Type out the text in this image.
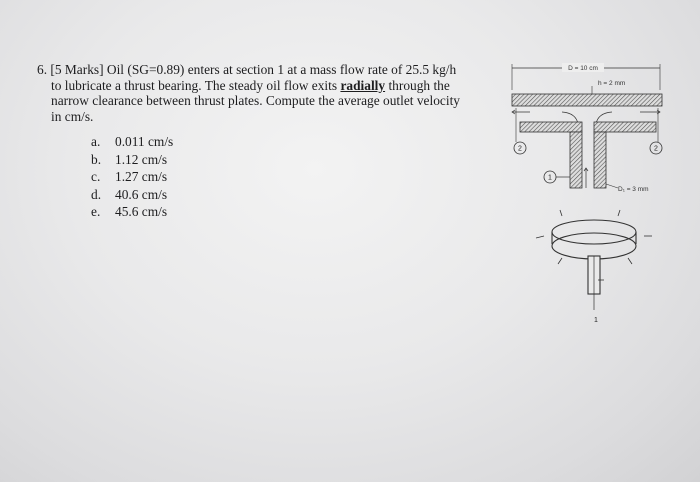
6. [5 Marks] Oil (SG=0.89) enters at section 1 at a mass flow rate of 25.5 kg/h
to lubricate a thrust bearing. The steady oil flow exits radially through the
narrow clearance between thrust plates. Compute the average outlet velocity
in cm/s.
a. 0.011 cm/s
b. 1.12 cm/s
c. 1.27 cm/s
d. 40.6 cm/s
e. 45.6 cm/s
D = 10 cm
h = 2 mm
2	2
1
D₁ = 3 mm
1
